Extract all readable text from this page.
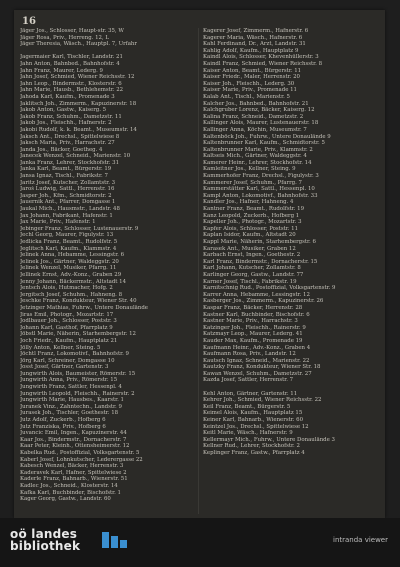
16
Jäger Jos., Schlosser, Haupt-str. 35, W
Jäger Rosa, Priv., Herreng. 12, L
Jäger Theresia, Wäsch., Hauptpl. 7, Urfahr
Jagermaier Karl, Tischler, Landstr. 21
Jahn Anton, Bahnbed., Bahnhofstr. 4
Jahn Franz, Maurer, Lederg. 9
Jahn Josef, Schmied, Wiener Reichsstr. 12
Jahn Leop., Bindermstr., Klosterstr. 6
Jahn Marie, Hausb., Bethlehemstr. 22
Jahoda Karl, Kaufm., Promenade 3
Jaklitsch Joh., Zimmerm., Kapuzinerstr. 18
Jakob Anton, Gastw., Kaiserg. 5
Jakob Franz, Schuhm., Dametzstr. 11
Jakob Jos., Fleischh., Hafnerstr. 2
Jakobi Rudolf, k. k. Beamt., Museumstr. 14
Jaksch Ant., Drechsl., Spittelwiese 8
Jaksch Maria, Priv., Harrachstr. 27
Janda Jos., Bäcker, Goetheg. 4
Janecek Wenzel, Schneid., Marienstr. 10
Janka Franz, Lehrer, Stockhofstr. 31
Janka Karl, Beamt., Bürgerstr. 19
Jansa Ignaz, Tischl., Fabrikstr. 7
Jaritz Josef, Kutscher, Zollamtstr. 3
Jaroš Ludwig, Sattl., Herrenstr. 16
Jasper Joh., Kfm., Schmidtorstr. 2
Jauernik Ant., Pfarrer, Domgasse 1
Jaukal Mich., Hausmstr., Landstr. 48
Jax Johann, Fabrikant, Hafenstr. 1
Jax Marie, Priv., Hafenstr. 1
Jebinger Franz, Schlosser, Lustenauerstr. 9
Jechl Georg, Maurer, Figulystr. 13
Jedlicka Franz, Beamt., Rudolfstr. 5
Jeglitsch Karl, Kaufm., Klammstr. 4
Jelinek Anna, Hebamme, Lessingstr. 6
Jelinek Jos., Gärtner, Waldeggstr. 20
Jelinek Wenzel, Musiker, Pfarrg. 11
Jellinek Ernst, Adv.-Konz., Graben 29
Jenny Johann, Bäckermstr., Altstadt 14
Jentsch Alois, Hutmacher, Hofg. 2
Jergitsch Josef, Schuhm., Hahneng. 8
Jeschke Franz, Kondukteur, Wiener Str. 40
Jetzinger Mathias, Fuhrw., Untere Donaulände
Jiras Emil, Photogr., Mozartstr. 17
Jodlbauer Joh., Schlosser, Poststr. 3
Johann Karl, Gasthof, Pfarrplatz 9
Jöbstl Marie, Näherin, Starhembergstr. 12
Joch Friedr., Kaufm., Hauptplatz 21
Jölly Anton, Kellner, Steing. 5
Jöchtl Franz, Lokomotivf., Bahnhofstr. 9
Jörg Karl, Schreiner, Domgasse 10
Josst Josef, Gärtner, Gartenstr. 3
Jungwirth Alois, Baumeister, Römerstr. 15
Jungwirth Anna, Priv., Römerstr. 15
Jungwirth Franz, Sattler, Hessenpl. 4
Jungwirth Leopold, Fleischh., Rainerstr. 2
Jungwirth Marie, Hausbes., Kaarstr. 1
Juranek Vinz., Zahntechn., Landstr. 9
Jurasek Joh., Tischler, Goethestr. 18
Jutz Adolf, Zuckerb., Hofberg 6
Jutz Franziska, Priv., Hofberg 6
Juvancic Emil, Ingen., Kapuzinerstr. 44
Kaar Jos., Bindermstr., Dornacherstr. 7
Kaar Peter, Kleinh., Ottensheimerstr. 12
Kabelka Rud., Postoffizial, Volksgartenstr. 5
Kaberl Josef, Lohnkutscher, Lederergasse 22
Kabesch Wenzel, Bäcker, Herrenstr. 3
Kaderavek Karl, Hafner, Spittelwiese 2
Kaderle Franz, Bahnarb., Wienerstr. 51
Kadlec Jos., Schneid., Klosterstr. 14
Kafka Karl, Buchbinder, Bischofstr. 1
Kager Georg, Gastw., Landstr. 60
Kagerer Josef, Zimmerm., Hafnerstr. 6
Kagerer Maria, Wäsch., Hafnerstr. 6
Kahl Ferdinand, Dr., Arzt, Landstr. 31
Kahlig Adolf, Kaufm., Hauptplatz 9
Kaindl Alois, Schlosser, Khevenhüllerstr. 3
Kaindl Franz, Schmied, Wiener Reichsstr. 8
Kaiser Anton, Beamt., Bürgerstr. 11
Kaiser Friedr., Maler, Herrenstr. 20
Kaiser Joh., Fleischh., Lederg. 30
Kaiser Marie, Priv., Promenade 11
Kalab Ant., Tischl., Marienstr. 5
Kalcher Jos., Bahnbed., Bahnhofstr. 21
Kalchgruber Lorenz, Bäcker, Kaiserg. 12
Kalina Franz, Schneid., Dametzstr. 2
Kallinger Alois, Maurer, Lustenauerstr. 18
Kallinger Anna, Köchin, Museumstr. 7
Kaltenböck Joh., Fuhrw., Untere Donaulände 9
Kaltenbrunner Karl, Kaufm., Schmidtorstr. 5
Kaltenbrunner Marie, Priv., Klammstr. 2
Kaltseis Mich., Gärtner, Waldeggstr. 4
Kamerer Heinr., Lehrer, Stockhofstr. 14
Kamleitner Jos., Kellner, Steing. 9
Kammerhofer Franz, Drechsl., Figulystr. 3
Kammerer Josef, Schuhm., Pfarrg. 7
Kammerstätter Karl, Sattl., Hessenpl. 10
Kampl Anton, Lokomotivf., Bahnhofstr. 33
Kandler Jos., Hafner, Hahneng. 4
Kantner Franz, Beamt., Rudolfstr. 19
Kanz Leopold, Zuckerb., Hofberg 1
Kapeller Joh., Photogr., Mozartstr. 3
Kapfer Alois, Schlosser, Poststr. 11
Kaplan Isidor, Kaufm., Altstadt 20
Kappl Marie, Näherin, Starhembergstr. 6
Karasek Ant., Musiker, Graben 12
Karbach Ernst, Ingen., Goethestr. 2
Karl Franz, Bindermstr., Dornacherstr. 15
Karl Johann, Kutscher, Zollamtstr. 8
Karlinger Georg, Gastw., Landstr. 77
Karner Josef, Tischl., Fabrikstr. 19
Karnitschnig Rud., Postoffizial, Volksgartenstr. 9
Karrer Anna, Hebamme, Lessingstr. 12
Kasberger Jos., Zimmerm., Kapuzinerstr. 26
Kaspar Franz, Bäcker, Herrenstr. 28
Kastner Karl, Buchbinder, Bischofstr. 6
Kastner Marie, Priv., Harrachstr. 3
Katzinger Joh., Fleischh., Rainerstr. 9
Katzmayr Leop., Maurer, Lederg. 41
Kauder Max, Kaufm., Promenade 19
Kaufmann Heinr., Adv.-Konz., Graben 4
Kaufmann Rosa, Priv., Landstr. 12
Kautsch Ignaz, Schneid., Marienstr. 22
Kautzky Franz, Kondukteur, Wiener Str. 18
Kawan Wenzel, Schuhm., Dametzstr. 27
Kazda Josef, Sattler, Herrenstr. 7
Kehl Anton, Gärtner, Gartenstr. 11
Kehrer Joh., Schmied, Wiener Reichsstr. 22
Keil Franz, Beamt., Bürgerstr. 5
Keimel Alois, Kaufm., Hauptplatz 15
Keiner Karl, Bahnarb., Wienerstr. 60
Keintzel Jos., Drechsl., Spittelwiese 12
Keitl Marie, Wäsch., Hafnerstr. 9
Kellermayr Mich., Fuhrw., Untere Donaulände 3
Kellner Rud., Lehrer, Stockhofstr. 2
Keplinger Franz, Gastw., Pfarrplatz 4
oö landes
bibliothek	intranda viewer
